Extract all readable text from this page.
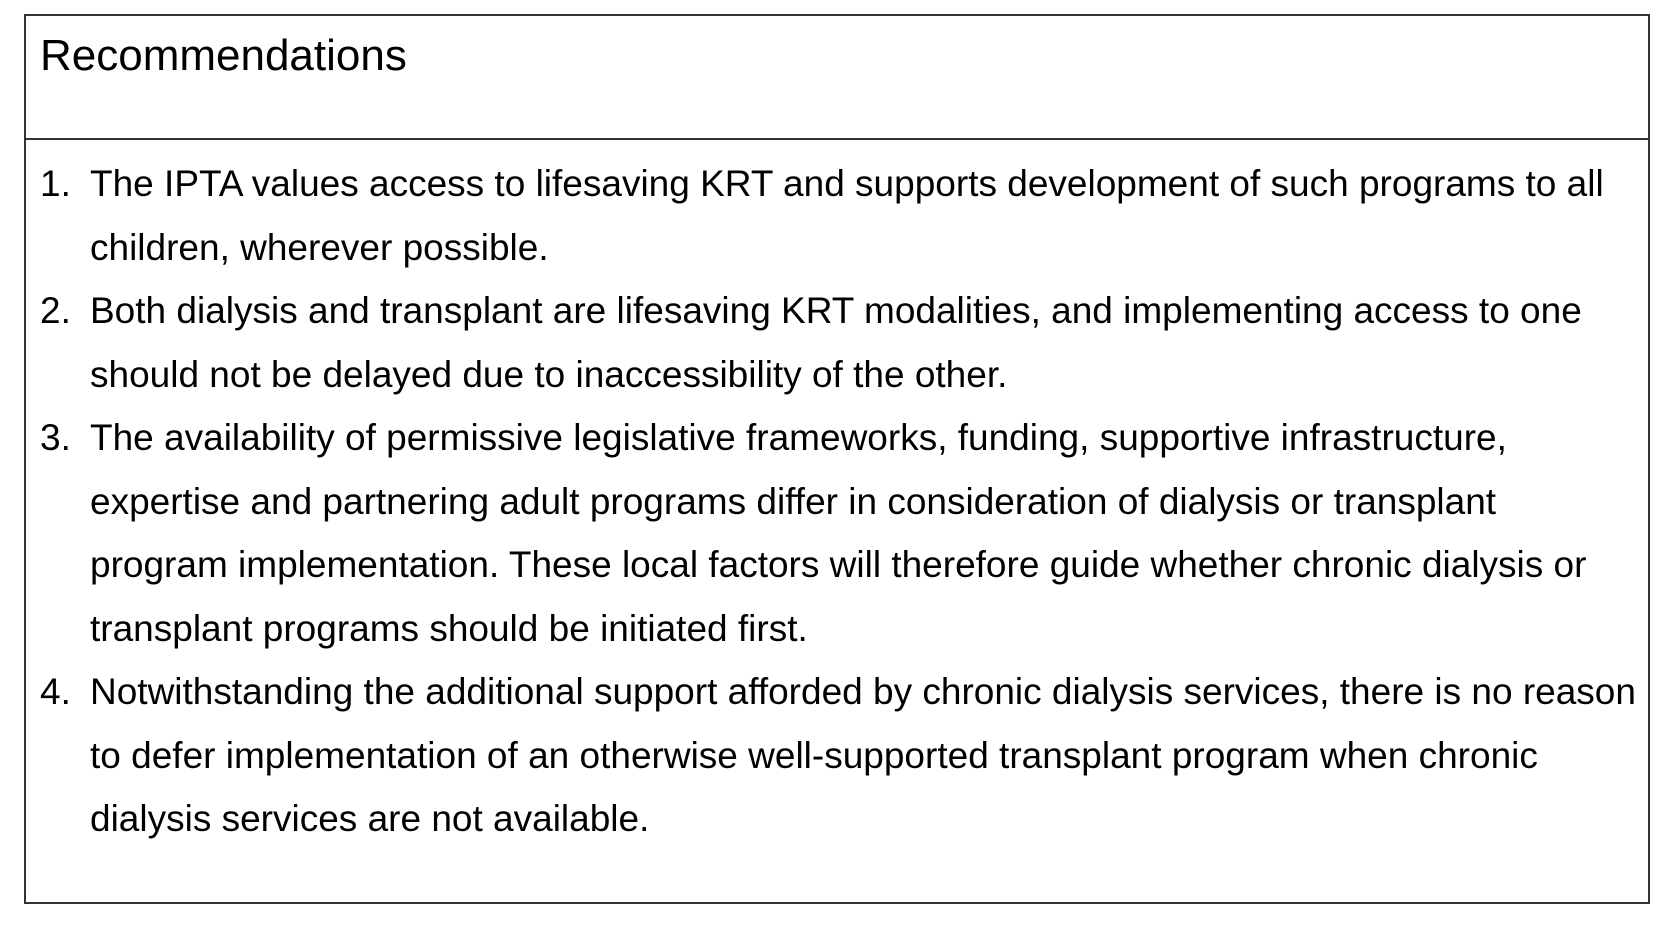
Recommendations
1. The IPTA values access to lifesaving KRT and supports development of such programs to all children, wherever possible.
2. Both dialysis and transplant are lifesaving KRT modalities, and implementing access to one should not be delayed due to inaccessibility of the other.
3. The availability of permissive legislative frameworks, funding, supportive infrastructure, expertise and partnering adult programs differ in consideration of dialysis or transplant program implementation. These local factors will therefore guide whether chronic dialysis or transplant programs should be initiated first.
4. Notwithstanding the additional support afforded by chronic dialysis services, there is no reason to defer implementation of an otherwise well-supported transplant program when chronic dialysis services are not available.
